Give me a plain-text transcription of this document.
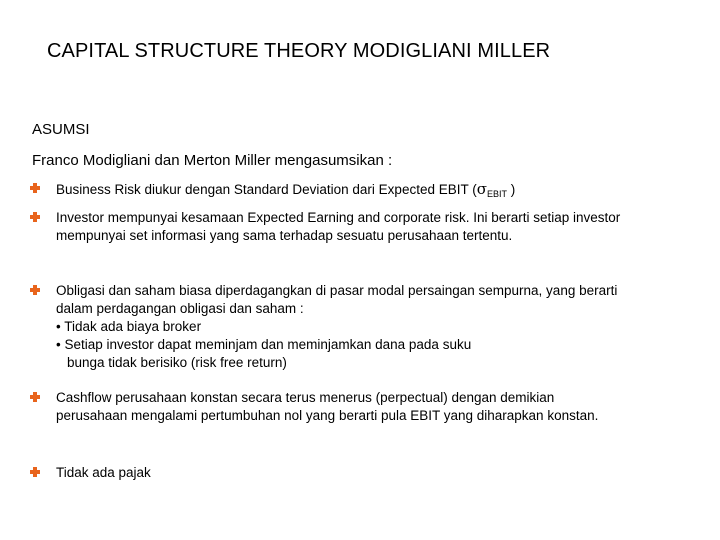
CAPITAL STRUCTURE THEORY MODIGLIANI MILLER
ASUMSI
Franco Modigliani dan Merton Miller mengasumsikan :
Business Risk diukur dengan Standard Deviation dari Expected EBIT ($\sigma_{EBIT}$ )
Investor mempunyai kesamaan Expected Earning and corporate risk. Ini berarti setiap investor
mempunyai set informasi yang sama terhadap sesuatu perusahaan tertentu.
Obligasi dan saham biasa diperdagangkan di pasar modal persaingan sempurna, yang berarti
dalam perdagangan obligasi dan saham :
• Tidak ada biaya broker
• Setiap investor dapat meminjam dan meminjamkan dana pada suku
bunga tidak berisiko (risk free return)
Cashflow perusahaan konstan secara terus menerus (perpectual) dengan demikian
perusahaan mengalami pertumbuhan nol yang berarti pula EBIT yang diharapkan konstan.
Tidak ada pajak
